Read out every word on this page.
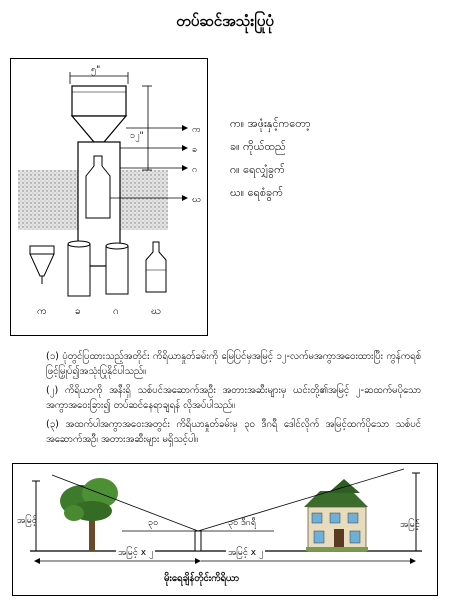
တပ်ဆင်အသုံးပြုပုံ
၅"
၁၂"
က
ခ
ဂ
ဃ
က	ခ	ဂ	ဃ
က။ အဖုံးနှင့်ကတော့
ခ။ ကိုယ်ထည်
ဂ။ ရေလျှံခွက်
ဃ။ ရေစံခွက်
(၁) ပုံတွင်ပြထားသည့်အတိုင်း ကိရိယာနှုတ်ခမ်းကို မြေပြင်မှအမြင့် ၁၂-လက်မအကွာအဝေးထားပြီး ကွန်ကရစ်ဖြင့်မြှုပ်၍အသုံးပြုနိုင်ပါသည်။
(၂) ကိရိယာကို အနီးရှိ သစ်ပင်အဆောက်အဦး အတားအဆီးများမှ ယင်းတို့၏အမြင့် ၂-ဆထက်မပိုသော အကွာအဝေးခြား၍ တပ်ဆင်နေရာချရန် လိုအပ်ပါသည်။
(၃) အထက်ပါအကွာအဝေးအတွင်း ကိရိယာနှုတ်ခမ်းမှ ၃၀ ဒီဂရီ ဒေါင်လိုက် အမြင့်ထက်ပိုသော သစ်ပင်အဆောက်အဦ၊ အတားအဆီးများ မရှိသင့်ပါ။
အမြင့်	အမြင့်
၃၀	၃၀ ဒီဂရီ
အမြင့် x ၂	အမြင့် x ၂
မိုးရေချိန်တိုင်းကိရိယာ
